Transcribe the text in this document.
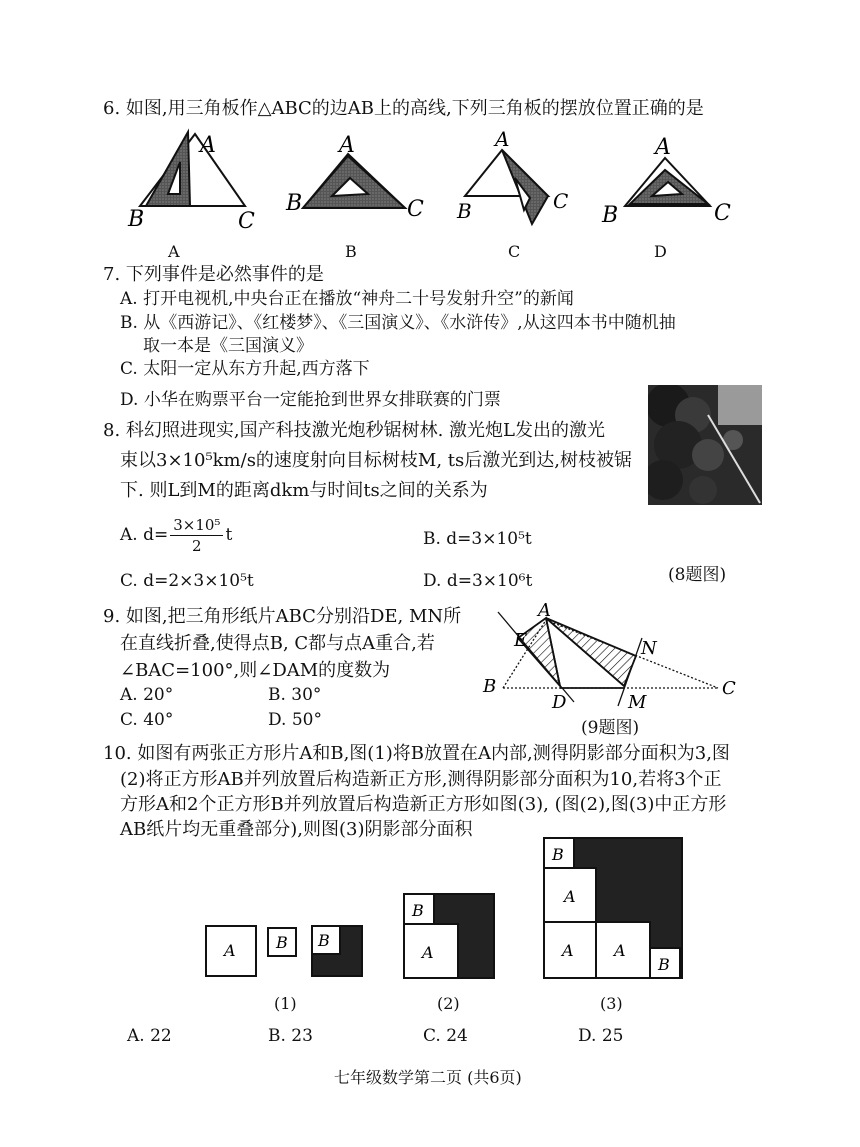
6. 如图,用三角板作△ABC的边AB上的高线,下列三角板的摆放位置正确的是
A
B	C
A
B	C
A
B	C
A
B	C
A	B	C	D
7. 下列事件是必然事件的是
A. 打开电视机,中央台正在播放“神舟二十号发射升空”的新闻
B. 从《西游记》、《红楼梦》、《三国演义》、《水浒传》,从这四本书中随机抽
取一本是《三国演义》
C. 太阳一定从东方升起,西方落下
D. 小华在购票平台一定能抢到世界女排联赛的门票
8. 科幻照进现实,国产科技激光炮秒锯树林. 激光炮L发出的激光
束以3×10⁵km/s的速度射向目标树枝M, ts后激光到达,树枝被锯
下. 则L到M的距离dkm与时间ts之间的关系为
A. $d= \frac{\text{3×10⁵}}{2}$ t	B. d=3×10⁵t
C. d=2×3×10⁵t	D. d=3×10⁶t	(8题图)
9. 如图,把三角形纸片ABC分别沿DE, MN所
在直线折叠,使得点B, C都与点A重合,若
∠BAC=100°,则∠DAM的度数为
A. 20°	B. 30°
C. 40°	D. 50°
A
E	N
B
D	M
C
(9题图)
10. 如图有两张正方形片A和B,图(1)将B放置在A内部,测得阴影部分面积为3,图
(2)将正方形AB并列放置后构造新正方形,测得阴影部分面积为10,若将3个正
方形A和2个正方形B并列放置后构造新正方形如图(3), (图(2),图(3)中正方形
AB纸片均无重叠部分),则图(3)阴影部分面积
A	B B
B
A
B
A
A	A
B
(1)	(2)	(3)
A. 22	B. 23	C. 24	D. 25
七年级数学第二页 (共6页)
